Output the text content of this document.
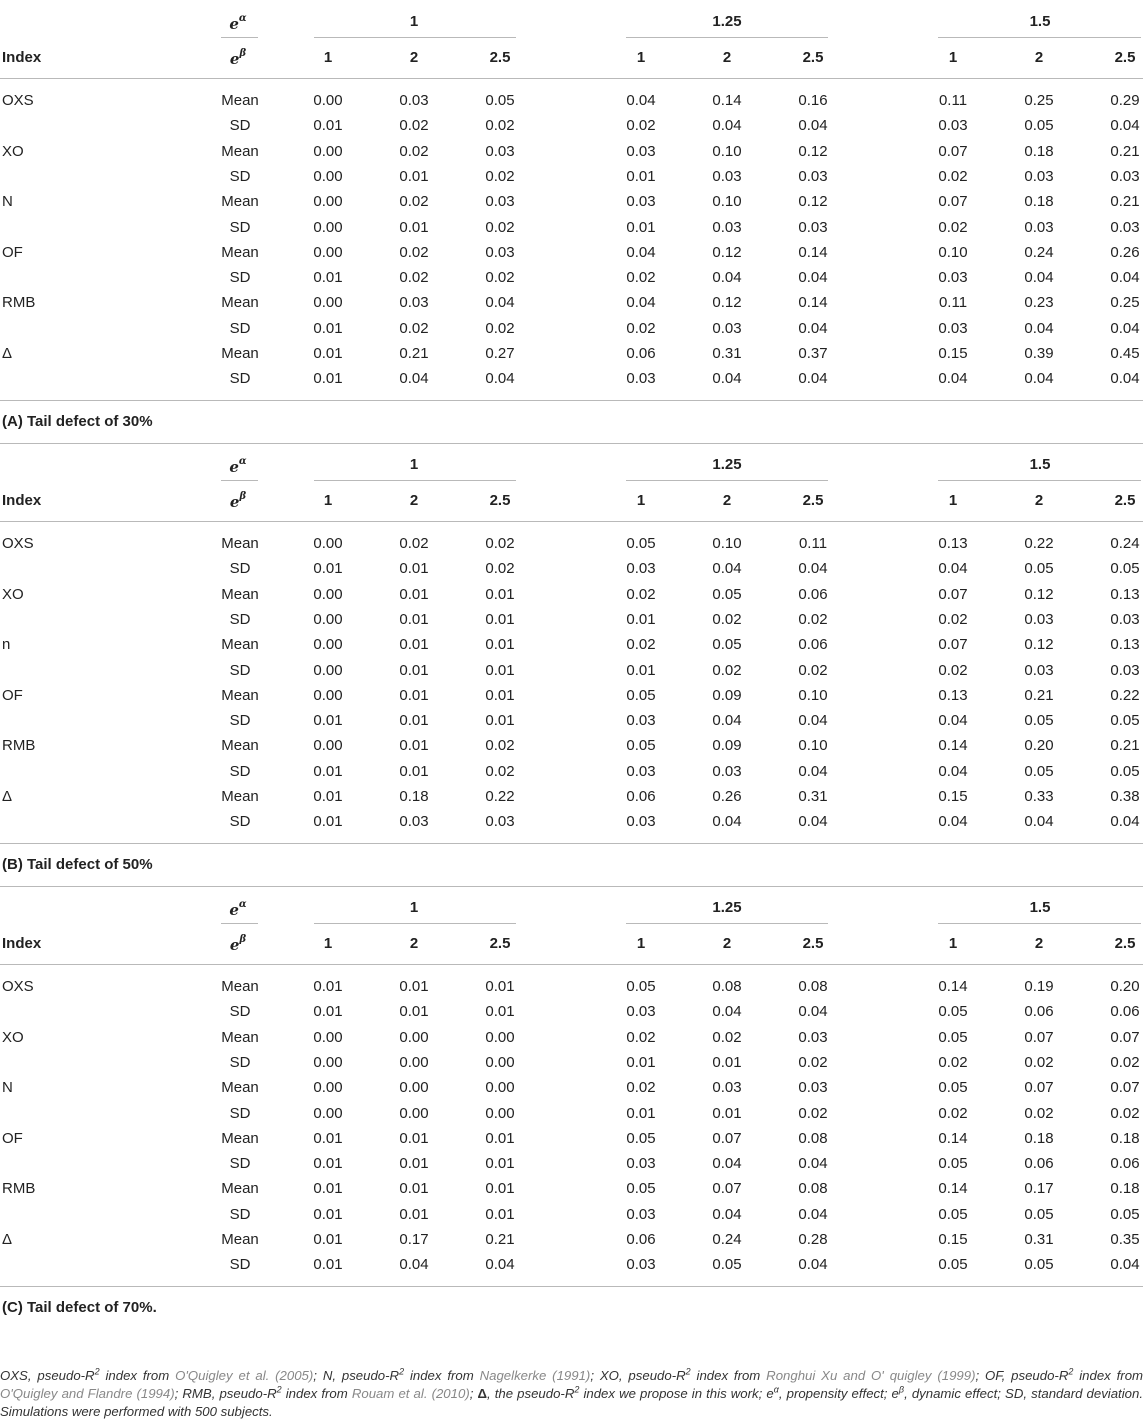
$e^\alpha$	1	1.25	1.5
Index	$e^\beta$	1	2	2.5	1	2	2.5	1	2	2.5
OXS	Mean	0.00	0.03	0.05	0.04	0.14	0.16	0.11	0.25	0.29
SD	0.01	0.02	0.02	0.02	0.04	0.04	0.03	0.05	0.04
XO	Mean	0.00	0.02	0.03	0.03	0.10	0.12	0.07	0.18	0.21
SD	0.00	0.01	0.02	0.01	0.03	0.03	0.02	0.03	0.03
N	Mean	0.00	0.02	0.03	0.03	0.10	0.12	0.07	0.18	0.21
SD	0.00	0.01	0.02	0.01	0.03	0.03	0.02	0.03	0.03
OF	Mean	0.00	0.02	0.03	0.04	0.12	0.14	0.10	0.24	0.26
SD	0.01	0.02	0.02	0.02	0.04	0.04	0.03	0.04	0.04
RMB	Mean	0.00	0.03	0.04	0.04	0.12	0.14	0.11	0.23	0.25
SD	0.01	0.02	0.02	0.02	0.03	0.04	0.03	0.04	0.04
Δ	Mean	0.01	0.21	0.27	0.06	0.31	0.37	0.15	0.39	0.45
SD	0.01	0.04	0.04	0.03	0.04	0.04	0.04	0.04	0.04
(A) Tail defect of 30%
$e^\alpha$	1	1.25	1.5
Index	$e^\beta$	1	2	2.5	1	2	2.5	1	2	2.5
OXS	Mean	0.00	0.02	0.02	0.05	0.10	0.11	0.13	0.22	0.24
SD	0.01	0.01	0.02	0.03	0.04	0.04	0.04	0.05	0.05
XO	Mean	0.00	0.01	0.01	0.02	0.05	0.06	0.07	0.12	0.13
SD	0.00	0.01	0.01	0.01	0.02	0.02	0.02	0.03	0.03
n	Mean	0.00	0.01	0.01	0.02	0.05	0.06	0.07	0.12	0.13
SD	0.00	0.01	0.01	0.01	0.02	0.02	0.02	0.03	0.03
OF	Mean	0.00	0.01	0.01	0.05	0.09	0.10	0.13	0.21	0.22
SD	0.01	0.01	0.01	0.03	0.04	0.04	0.04	0.05	0.05
RMB	Mean	0.00	0.01	0.02	0.05	0.09	0.10	0.14	0.20	0.21
SD	0.01	0.01	0.02	0.03	0.03	0.04	0.04	0.05	0.05
Δ	Mean	0.01	0.18	0.22	0.06	0.26	0.31	0.15	0.33	0.38
SD	0.01	0.03	0.03	0.03	0.04	0.04	0.04	0.04	0.04
(B) Tail defect of 50%
$e^\alpha$	1	1.25	1.5
Index	$e^\beta$	1	2	2.5	1	2	2.5	1	2	2.5
OXS	Mean	0.01	0.01	0.01	0.05	0.08	0.08	0.14	0.19	0.20
SD	0.01	0.01	0.01	0.03	0.04	0.04	0.05	0.06	0.06
XO	Mean	0.00	0.00	0.00	0.02	0.02	0.03	0.05	0.07	0.07
SD	0.00	0.00	0.00	0.01	0.01	0.02	0.02	0.02	0.02
N	Mean	0.00	0.00	0.00	0.02	0.03	0.03	0.05	0.07	0.07
SD	0.00	0.00	0.00	0.01	0.01	0.02	0.02	0.02	0.02
OF	Mean	0.01	0.01	0.01	0.05	0.07	0.08	0.14	0.18	0.18
SD	0.01	0.01	0.01	0.03	0.04	0.04	0.05	0.06	0.06
RMB	Mean	0.01	0.01	0.01	0.05	0.07	0.08	0.14	0.17	0.18
SD	0.01	0.01	0.01	0.03	0.04	0.04	0.05	0.05	0.05
Δ	Mean	0.01	0.17	0.21	0.06	0.24	0.28	0.15	0.31	0.35
SD	0.01	0.04	0.04	0.03	0.05	0.04	0.05	0.05	0.04
(C) Tail defect of 70%.
OXS, pseudo-$R^2$ index from O'Quigley et al. (2005); N, pseudo-$R^2$ index from Nagelkerke (1991); XO, pseudo-$R^2$ index from Ronghui Xu and O' quigley (1999); OF, pseudo-$R^2$ index from O'Quigley and Flandre (1994); RMB, pseudo-$R^2$ index from Rouam et al. (2010); Δ, the pseudo-$R^2$ index we propose in this work; $e^\alpha$, propensity effect; $e^\beta$, dynamic effect; SD, standard deviation. Simulations were performed with 500 subjects.
